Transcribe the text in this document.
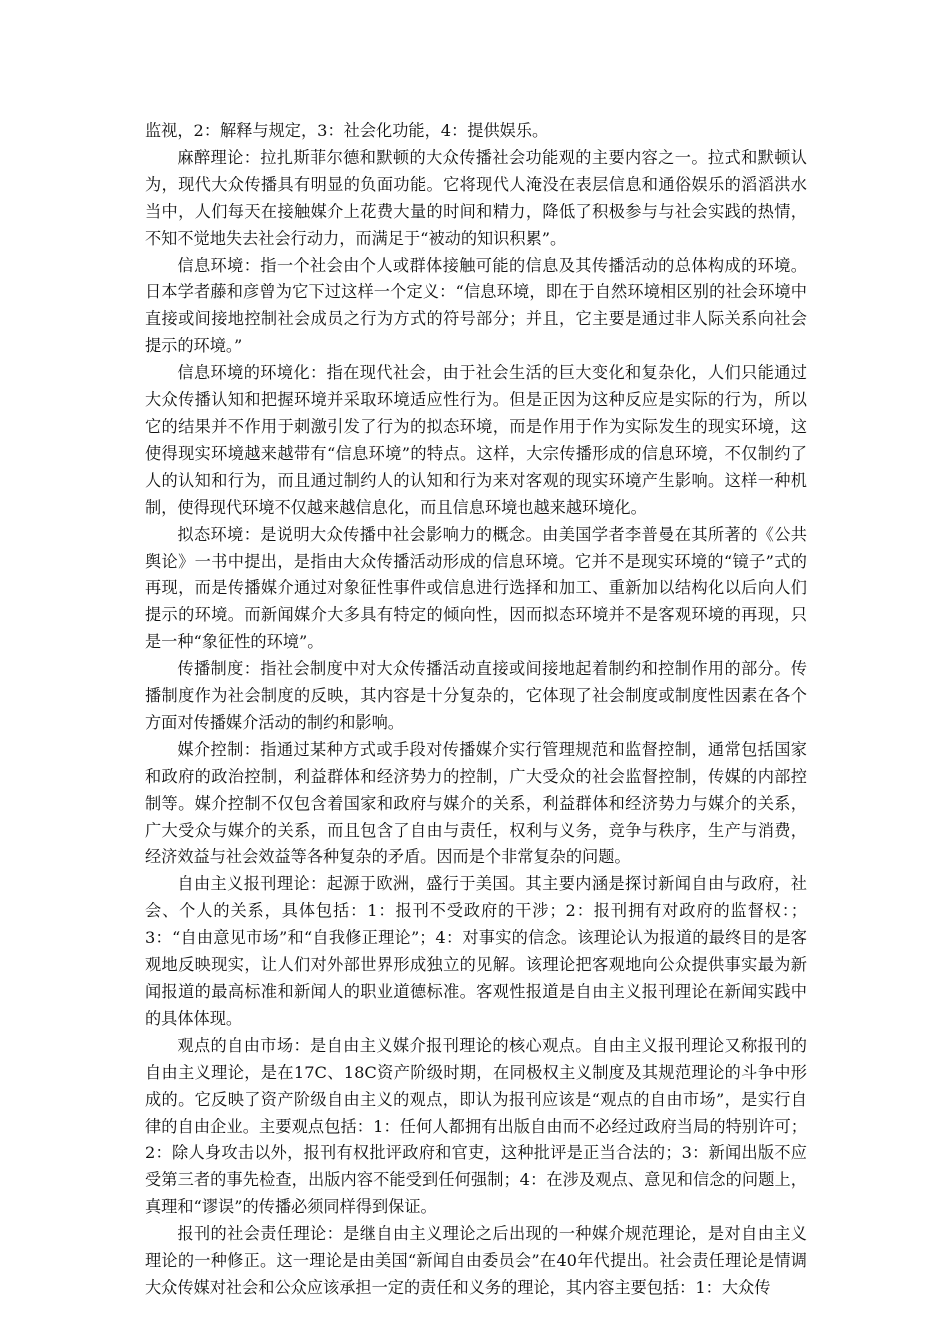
监视，2：解释与规定，3：社会化功能，4：提供娱乐。

麻醉理论：拉扎斯菲尔德和默顿的大众传播社会功能观的主要内容之一。拉式和默顿认为，现代大众传播具有明显的负面功能。它将现代人淹没在表层信息和通俗娱乐的滔滔洪水当中，人们每天在接触媒介上花费大量的时间和精力，降低了积极参与与社会实践的热情，不知不觉地失去社会行动力，而满足于“被动的知识积累”。

信息环境：指一个社会由个人或群体接触可能的信息及其传播活动的总体构成的环境。日本学者藤和彦曾为它下过这样一个定义：“信息环境，即在于自然环境相区别的社会环境中直接或间接地控制社会成员之行为方式的符号部分；并且，它主要是通过非人际关系向社会提示的环境。”

信息环境的环境化：指在现代社会，由于社会生活的巨大变化和复杂化，人们只能通过大众传播认知和把握环境并采取环境适应性行为。但是正因为这种反应是实际的行为，所以它的结果并不作用于刺激引发了行为的拟态环境，而是作用于作为实际发生的现实环境，这使得现实环境越来越带有“信息环境”的特点。这样，大宗传播形成的信息环境，不仅制约了人的认知和行为，而且通过制约人的认知和行为来对客观的现实环境产生影响。这样一种机制，使得现代环境不仅越来越信息化，而且信息环境也越来越环境化。

拟态环境：是说明大众传播中社会影响力的概念。由美国学者李普曼在其所著的《公共舆论》一书中提出，是指由大众传播活动形成的信息环境。它并不是现实环境的“镜子”式的再现，而是传播媒介通过对象征性事件或信息进行选择和加工、重新加以结构化以后向人们提示的环境。而新闻媒介大多具有特定的倾向性，因而拟态环境并不是客观环境的再现，只是一种“象征性的环境”。

传播制度：指社会制度中对大众传播活动直接或间接地起着制约和控制作用的部分。传播制度作为社会制度的反映，其内容是十分复杂的，它体现了社会制度或制度性因素在各个方面对传播媒介活动的制约和影响。

媒介控制：指通过某种方式或手段对传播媒介实行管理规范和监督控制，通常包括国家和政府的政治控制，利益群体和经济势力的控制，广大受众的社会监督控制，传媒的内部控制等。媒介控制不仅包含着国家和政府与媒介的关系，利益群体和经济势力与媒介的关系，广大受众与媒介的关系，而且包含了自由与责任，权利与义务，竞争与秩序，生产与消费，经济效益与社会效益等各种复杂的矛盾。因而是个非常复杂的问题。

自由主义报刊理论：起源于欧洲，盛行于美国。其主要内涵是探讨新闻自由与政府，社会、个人的关系，具体包括：1：报刊不受政府的干涉；2：报刊拥有对政府的监督权：；3：“自由意见市场”和“自我修正理论”；4：对事实的信念。该理论认为报道的最终目的是客观地反映现实，让人们对外部世界形成独立的见解。该理论把客观地向公众提供事实最为新闻报道的最高标准和新闻人的职业道德标准。客观性报道是自由主义报刊理论在新闻实践中的具体体现。

观点的自由市场：是自由主义媒介报刊理论的核心观点。自由主义报刊理论又称报刊的自由主义理论，是在17C、18C资产阶级时期，在同极权主义制度及其规范理论的斗争中形成的。它反映了资产阶级自由主义的观点，即认为报刊应该是“观点的自由市场”，是实行自律的自由企业。主要观点包括：1：任何人都拥有出版自由而不必经过政府当局的特别许可；2：除人身攻击以外，报刊有权批评政府和官吏，这种批评是正当合法的；3：新闻出版不应受第三者的事先检查，出版内容不能受到任何强制；4：在涉及观点、意见和信念的问题上，真理和“谬误”的传播必须同样得到保证。

报刊的社会责任理论：是继自由主义理论之后出现的一种媒介规范理论，是对自由主义理论的一种修正。这一理论是由美国“新闻自由委员会”在40年代提出。社会责任理论是情调大众传媒对社会和公众应该承担一定的责任和义务的理论，其内容主要包括：1：大众传
